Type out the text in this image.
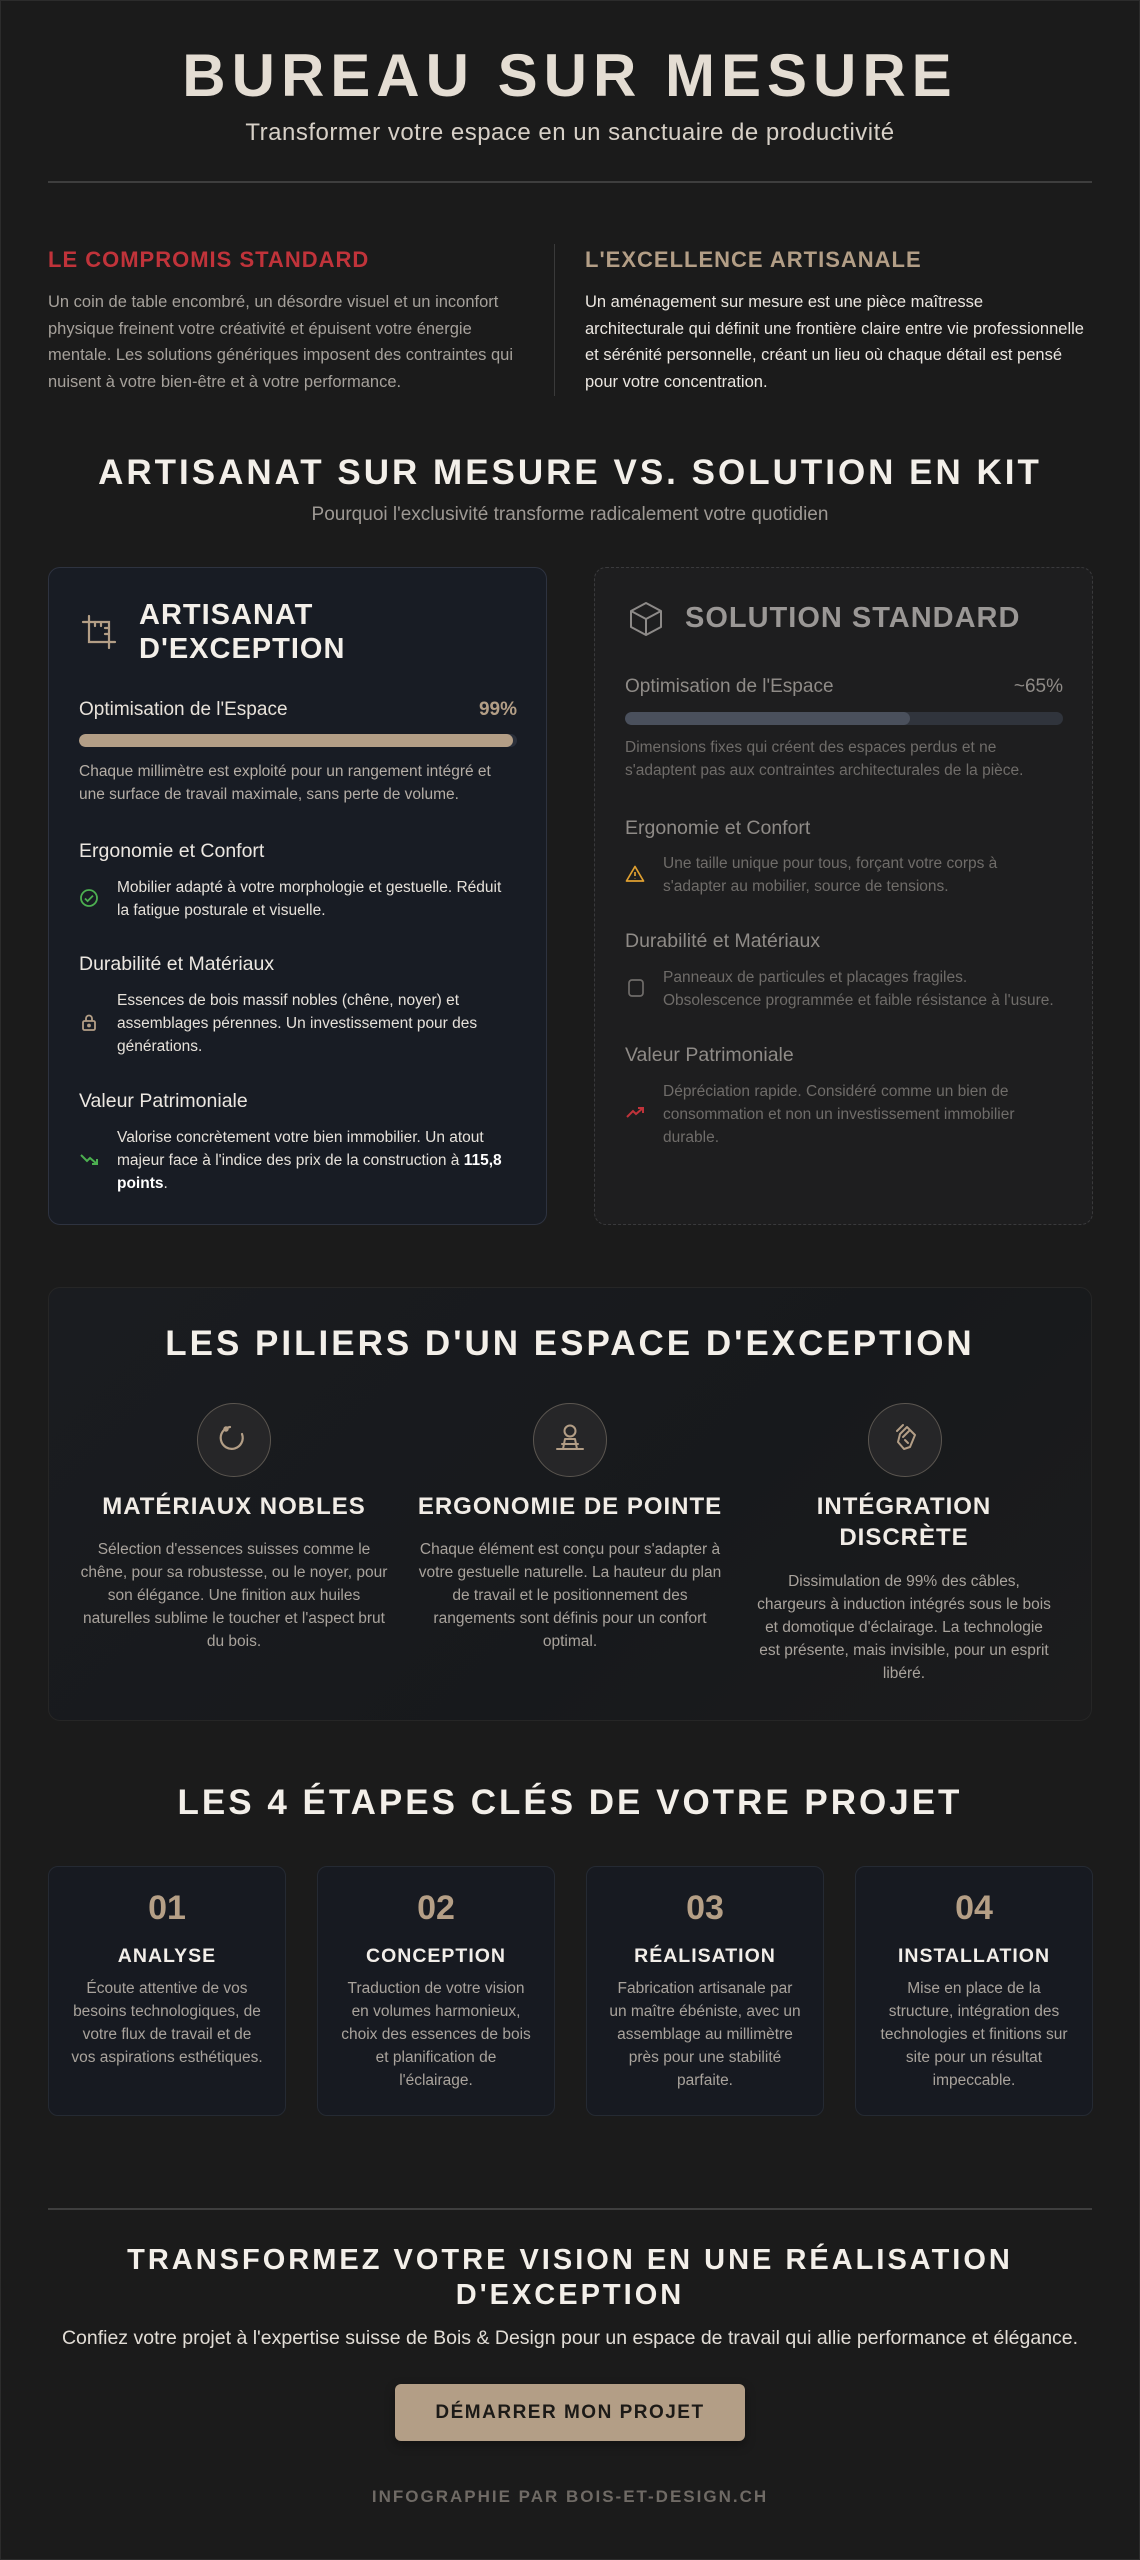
BUREAU SUR MESURE
Transformer votre espace en un sanctuaire de productivité
LE COMPROMIS STANDARD
Un coin de table encombré, un désordre visuel et un inconfort physique freinent votre créativité et épuisent votre énergie mentale. Les solutions génériques imposent des contraintes qui nuisent à votre bien-être et à votre performance.
L'EXCELLENCE ARTISANALE
Un aménagement sur mesure est une pièce maîtresse architecturale qui définit une frontière claire entre vie professionnelle et sérénité personnelle, créant un lieu où chaque détail est pensé pour votre concentration.
ARTISANAT SUR MESURE VS. SOLUTION EN KIT
Pourquoi l'exclusivité transforme radicalement votre quotidien
ARTISANAT
D'EXCEPTION
Optimisation de l'Espace	99%
Chaque millimètre est exploité pour un rangement intégré et une surface de travail maximale, sans perte de volume.
Ergonomie et Confort
Mobilier adapté à votre morphologie et gestuelle. Réduit la fatigue posturale et visuelle.
Durabilité et Matériaux
Essences de bois massif nobles (chêne, noyer) et assemblages pérennes. Un investissement pour des générations.
Valeur Patrimoniale
Valorise concrètement votre bien immobilier. Un atout majeur face à l'indice des prix de la construction à 115,8 points.
SOLUTION STANDARD
Optimisation de l'Espace	~65%
Dimensions fixes qui créent des espaces perdus et ne s'adaptent pas aux contraintes architecturales de la pièce.
Ergonomie et Confort
Une taille unique pour tous, forçant votre corps à s'adapter au mobilier, source de tensions.
Durabilité et Matériaux
Panneaux de particules et placages fragiles. Obsolescence programmée et faible résistance à l'usure.
Valeur Patrimoniale
Dépréciation rapide. Considéré comme un bien de consommation et non un investissement immobilier durable.
LES PILIERS D'UN ESPACE D'EXCEPTION
MATÉRIAUX NOBLES
Sélection d'essences suisses comme le chêne, pour sa robustesse, ou le noyer, pour son élégance. Une finition aux huiles naturelles sublime le toucher et l'aspect brut du bois.
ERGONOMIE DE POINTE
Chaque élément est conçu pour s'adapter à votre gestuelle naturelle. La hauteur du plan de travail et le positionnement des rangements sont définis pour un confort optimal.
INTÉGRATION
DISCRÈTE
Dissimulation de 99% des câbles, chargeurs à induction intégrés sous le bois et domotique d'éclairage. La technologie est présente, mais invisible, pour un esprit libéré.
LES 4 ÉTAPES CLÉS DE VOTRE PROJET
01
ANALYSE
Écoute attentive de vos besoins technologiques, de votre flux de travail et de vos aspirations esthétiques.
02
CONCEPTION
Traduction de votre vision en volumes harmonieux, choix des essences de bois et planification de l'éclairage.
03
RÉALISATION
Fabrication artisanale par un maître ébéniste, avec un assemblage au millimètre près pour une stabilité parfaite.
04
INSTALLATION
Mise en place de la structure, intégration des technologies et finitions sur site pour un résultat impeccable.
TRANSFORMEZ VOTRE VISION EN UNE RÉALISATION
D'EXCEPTION
Confiez votre projet à l'expertise suisse de Bois & Design pour un espace de travail qui allie performance et élégance.
DÉMARRER MON PROJET
INFOGRAPHIE PAR BOIS-ET-DESIGN.CH
